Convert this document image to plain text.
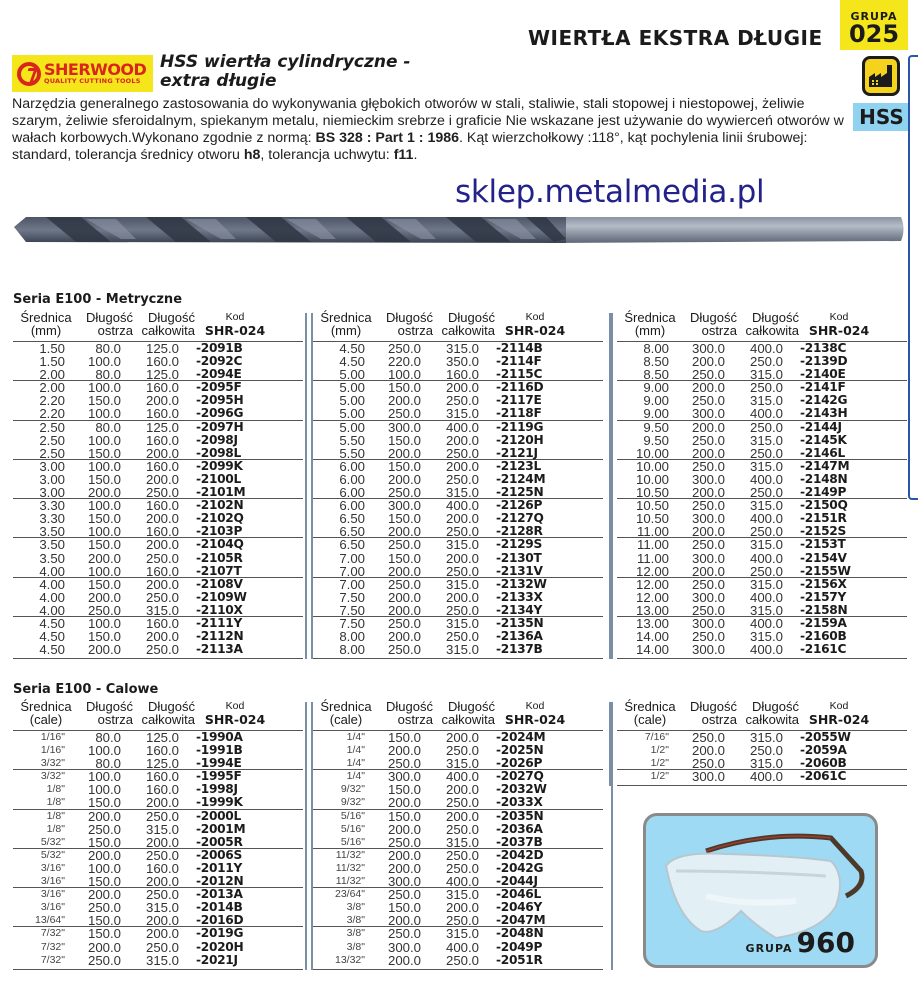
WIERTŁA EKSTRA DŁUGIE
GRUPA
025
HSS
SHERWOOD
QUALITY CUTTING TOOLS
HSS wiertła cylindryczne -
extra długie

Narzędzia generalnego zastosowania do wykonywania głębokich otworów w stali, staliwie, stali stopowej i niestopowej, żeliwie szarym, żeliwie sferoidalnym, spiekanym metalu, niemieckim srebrze i graficie Nie wskazane jest używanie do wywierceń otworów w wałach korbowych.Wykonano zgodnie z normą: BS 328 : Part 1 : 1986. Kąt wierzchołkowy :118°, kąt pochylenia linii śrubowej: standard, tolerancja średnicy otworu h8, tolerancja uchwytu: f11.

sklep.metalmedia.pl
Seria E100 - Metryczne
Średnica
(mm)
Długość
ostrza
Długość
całkowita
Kod
SHR-024
1.50	80.0	125.0	-2091B
1.50	100.0	160.0	-2092C
2.00	80.0	125.0	-2094E
2.00	100.0	160.0	-2095F
2.20	150.0	200.0	-2095H
2.20	100.0	160.0	-2096G
2.50	80.0	125.0	-2097H
2.50	100.0	160.0	-2098J
2.50	150.0	200.0	-2098L
3.00	100.0	160.0	-2099K
3.00	150.0	200.0	-2100L
3.00	200.0	250.0	-2101M
3.30	100.0	160.0	-2102N
3.30	150.0	200.0	-2102Q
3.50	100.0	160.0	-2103P
3.50	150.0	200.0	-2104Q
3.50	200.0	250.0	-2105R
4.00	100.0	160.0	-2107T
4.00	150.0	200.0	-2108V
4.00	200.0	250.0	-2109W
4.00	250.0	315.0	-2110X
4.50	100.0	160.0	-2111Y
4.50	150.0	200.0	-2112N
4.50	200.0	250.0	-2113A
Średnica
(mm)
Długość
ostrza
Długość
całkowita
Kod
SHR-024
4.50	250.0	315.0	-2114B
4.50	220.0	350.0	-2114F
5.00	100.0	160.0	-2115C
5.00	150.0	200.0	-2116D
5.00	200.0	250.0	-2117E
5.00	250.0	315.0	-2118F
5.00	300.0	400.0	-2119G
5.50	150.0	200.0	-2120H
5.50	200.0	250.0	-2121J
6.00	150.0	200.0	-2123L
6.00	200.0	250.0	-2124M
6.00	250.0	315.0	-2125N
6.00	300.0	400.0	-2126P
6.50	150.0	200.0	-2127Q
6.50	200.0	250.0	-2128R
6.50	250.0	315.0	-2129S
7.00	150.0	200.0	-2130T
7.00	200.0	250.0	-2131V
7.00	250.0	315.0	-2132W
7.50	200.0	200.0	-2133X
7.50	200.0	250.0	-2134Y
7.50	250.0	315.0	-2135N
8.00	200.0	250.0	-2136A
8.00	250.0	315.0	-2137B
Średnica
(mm)
Długość
ostrza
Długość
całkowita
Kod
SHR-024
8.00	300.0	400.0	-2138C
8.50	200.0	250.0	-2139D
8.50	250.0	315.0	-2140E
9.00	200.0	250.0	-2141F
9.00	250.0	315.0	-2142G
9.00	300.0	400.0	-2143H
9.50	200.0	250.0	-2144J
9.50	250.0	315.0	-2145K
10.00	200.0	250.0	-2146L
10.00	250.0	315.0	-2147M
10.00	300.0	400.0	-2148N
10.50	200.0	250.0	-2149P
10.50	250.0	315.0	-2150Q
10.50	300.0	400.0	-2151R
11.00	200.0	250.0	-2152S
11.00	250.0	315.0	-2153T
11.00	300.0	400.0	-2154V
12.00	200.0	250.0	-2155W
12.00	250.0	315.0	-2156X
12.00	300.0	400.0	-2157Y
13.00	250.0	315.0	-2158N
13.00	300.0	400.0	-2159A
14.00	250.0	315.0	-2160B
14.00	300.0	400.0	-2161C
Seria E100 - Calowe
Średnica
(cale)
Długość
ostrza
Długość
całkowita
Kod
SHR-024
1/16"	80.0	125.0	-1990A
1/16"	100.0	160.0	-1991B
3/32"	80.0	125.0	-1994E
3/32"	100.0	160.0	-1995F
1/8"	100.0	160.0	-1998J
1/8"	150.0	200.0	-1999K
1/8"	200.0	250.0	-2000L
1/8"	250.0	315.0	-2001M
5/32"	150.0	200.0	-2005R
5/32"	200.0	250.0	-2006S
3/16"	100.0	160.0	-2011Y
3/16"	150.0	200.0	-2012N
3/16"	200.0	250.0	-2013A
3/16"	250.0	315.0	-2014B
13/64"	150.0	200.0	-2016D
7/32"	150.0	200.0	-2019G
7/32"	200.0	250.0	-2020H
7/32"	250.0	315.0	-2021J
Średnica
(cale)
Długość
ostrza
Długość
całkowita
Kod
SHR-024
1/4"	150.0	200.0	-2024M
1/4"	200.0	250.0	-2025N
1/4"	250.0	315.0	-2026P
1/4"	300.0	400.0	-2027Q
9/32"	150.0	200.0	-2032W
9/32"	200.0	250.0	-2033X
5/16"	150.0	200.0	-2035N
5/16"	200.0	250.0	-2036A
5/16"	250.0	315.0	-2037B
11/32"	200.0	250.0	-2042D
11/32"	200.0	250.0	-2042G
11/32"	300.0	400.0	-2044J
23/64"	250.0	315.0	-2046L
3/8"	150.0	200.0	-2046Y
3/8"	200.0	250.0	-2047M
3/8"	250.0	315.0	-2048N
3/8"	300.0	400.0	-2049P
13/32"	200.0	250.0	-2051R
Średnica
(cale)
Długość
ostrza
Długość
całkowita
Kod
SHR-024
7/16"	250.0	315.0	-2055W
1/2"	200.0	250.0	-2059A
1/2"	250.0	315.0	-2060B
1/2"	300.0	400.0	-2061C
GRUPA 960
